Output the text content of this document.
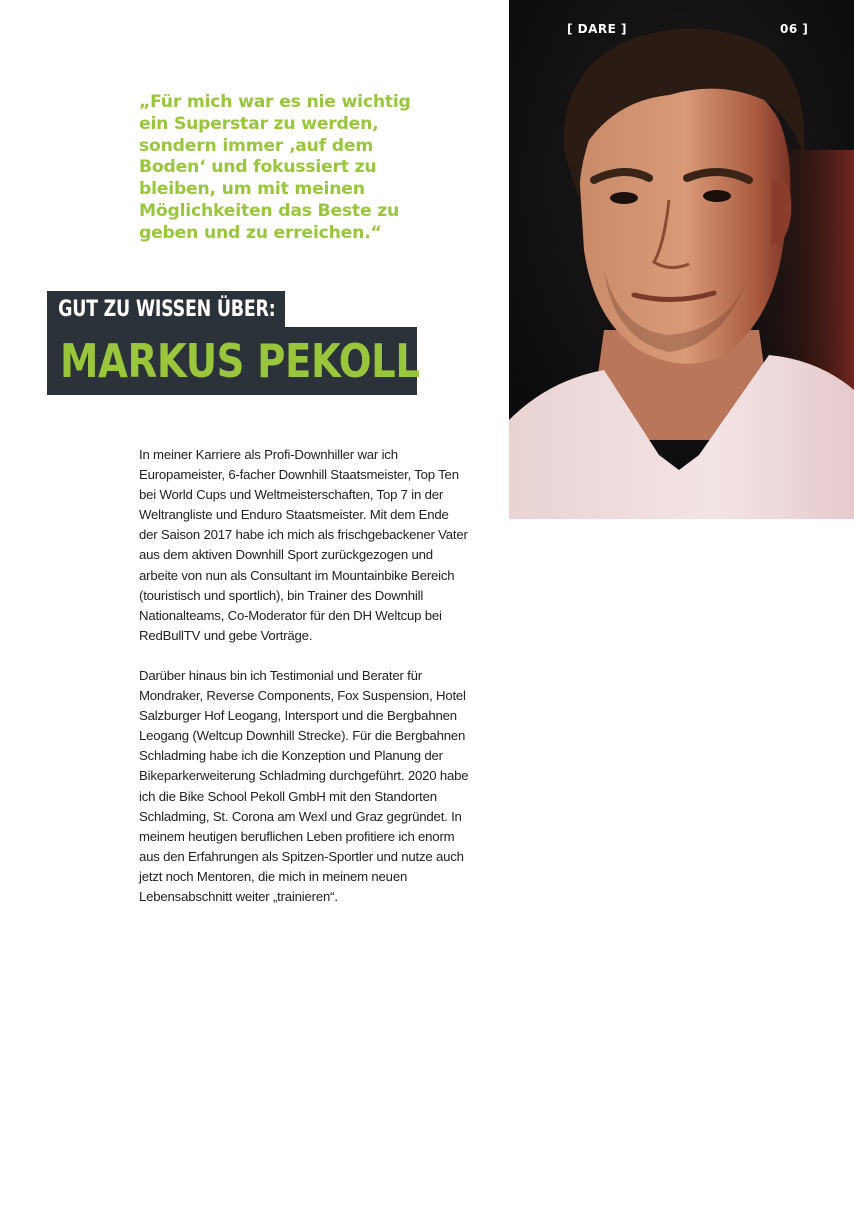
[ DARE ]	06 ]

„Für mich war es nie wichtig ein Superstar zu werden, sondern immer ‚auf dem Boden‘ und fokussiert zu bleiben, um mit meinen Möglichkeiten das Beste zu geben und zu erreichen.“

MARKUS PEKOLL
GUT ZU WISSEN ÜBER:

In meiner Karriere als Profi-Downhiller war ich Europameister, 6-facher Downhill Staatsmeister, Top Ten bei World Cups und Weltmeisterschaften, Top 7 in der Weltrangliste und Enduro Staatsmeister. Mit dem Ende der Saison 2017 habe ich mich als frischgebackener Vater aus dem aktiven Downhill Sport zurückgezogen und arbeite von nun als Consultant im Mountainbike Bereich (touristisch und sportlich), bin Trainer des Downhill Nationalteams, Co-Moderator für den DH Weltcup bei RedBullTV und gebe Vorträge.

Darüber hinaus bin ich Testimonial und Berater für Mondraker, Reverse Components, Fox Suspension, Hotel Salzburger Hof Leogang, Intersport und die Bergbahnen Leogang (Weltcup Downhill Strecke). Für die Bergbahnen Schladming habe ich die Konzeption und Planung der Bikeparkerweiterung Schladming durchgeführt. 2020 habe ich die Bike School Pekoll GmbH mit den Standorten Schladming, St. Corona am Wexl und Graz gegründet. In meinem heutigen beruflichen Leben profitiere ich enorm aus den Erfahrungen als Spitzen-Sportler und nutze auch jetzt noch Mentoren, die mich in meinem neuen Lebensabschnitt weiter „trainieren“.
